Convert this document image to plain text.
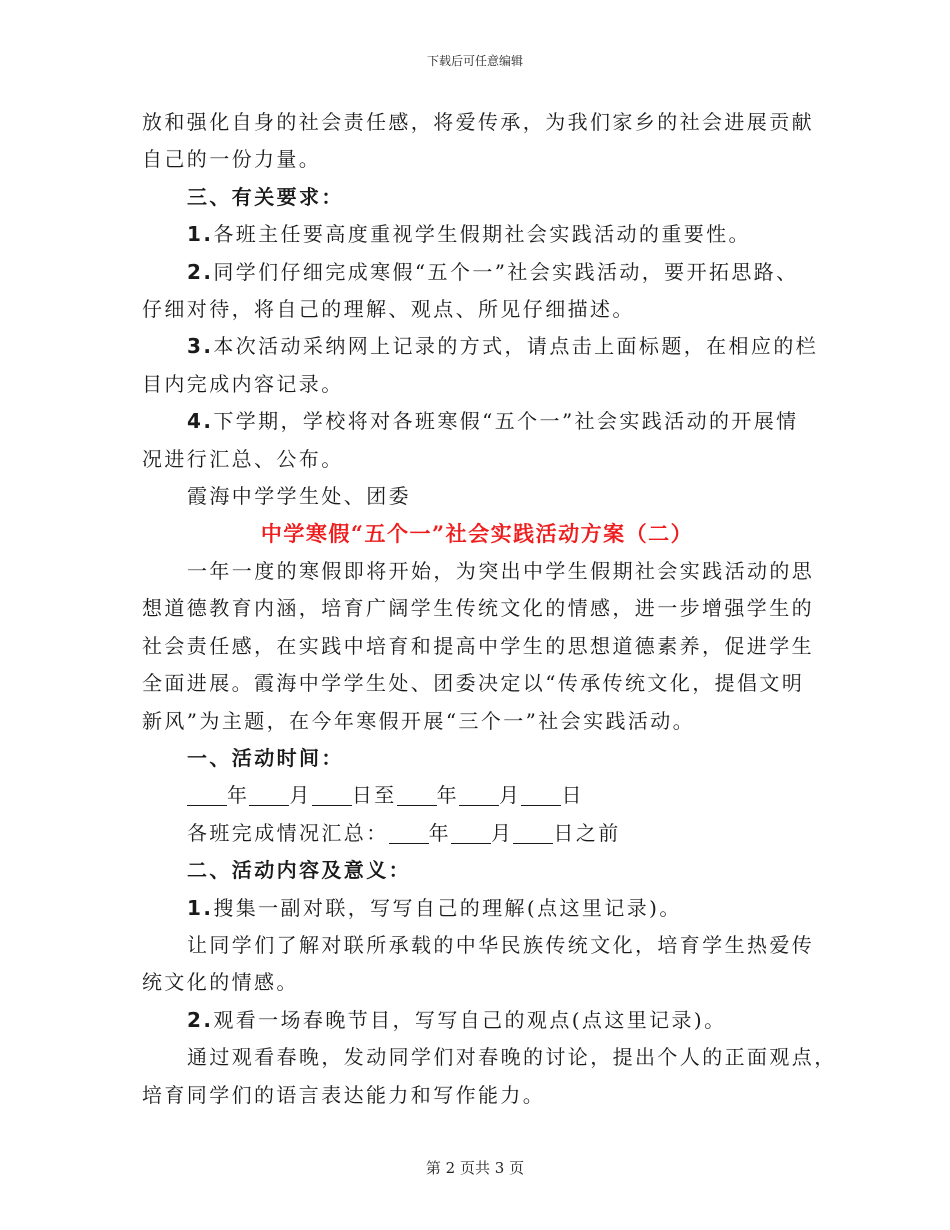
下载后可任意编辑

放和强化自身的社会责任感，将爱传承，为我们家乡的社会进展贡献

自己的一份力量。

三、有关要求：

1.各班主任要高度重视学生假期社会实践活动的重要性。

2.同学们仔细完成寒假“五个一”社会实践活动，要开拓思路、

仔细对待，将自己的理解、观点、所见仔细描述。

3.本次活动采纳网上记录的方式，请点击上面标题，在相应的栏

目内完成内容记录。

4.下学期，学校将对各班寒假“五个一”社会实践活动的开展情

况进行汇总、公布。

霞海中学学生处、团委

中学寒假“五个一”社会实践活动方案（二）

一年一度的寒假即将开始，为突出中学生假期社会实践活动的思

想道德教育内涵，培育广阔学生传统文化的情感，进一步增强学生的

社会责任感，在实践中培育和提高中学生的思想道德素养，促进学生

全面进展。霞海中学学生处、团委决定以“传承传统文化，提倡文明

新风”为主题，在今年寒假开展“三个一”社会实践活动。

一、活动时间：

年 月 日至 年 月 日

各班完成情况汇总： 年 月 日之前

二、活动内容及意义：

1.搜集一副对联，写写自己的理解(点这里记录)。

让同学们了解对联所承载的中华民族传统文化，培育学生热爱传

统文化的情感。

2.观看一场春晚节目，写写自己的观点(点这里记录)。

通过观看春晚，发动同学们对春晚的讨论，提出个人的正面观点，

培育同学们的语言表达能力和写作能力。

第 2 页共 3 页
